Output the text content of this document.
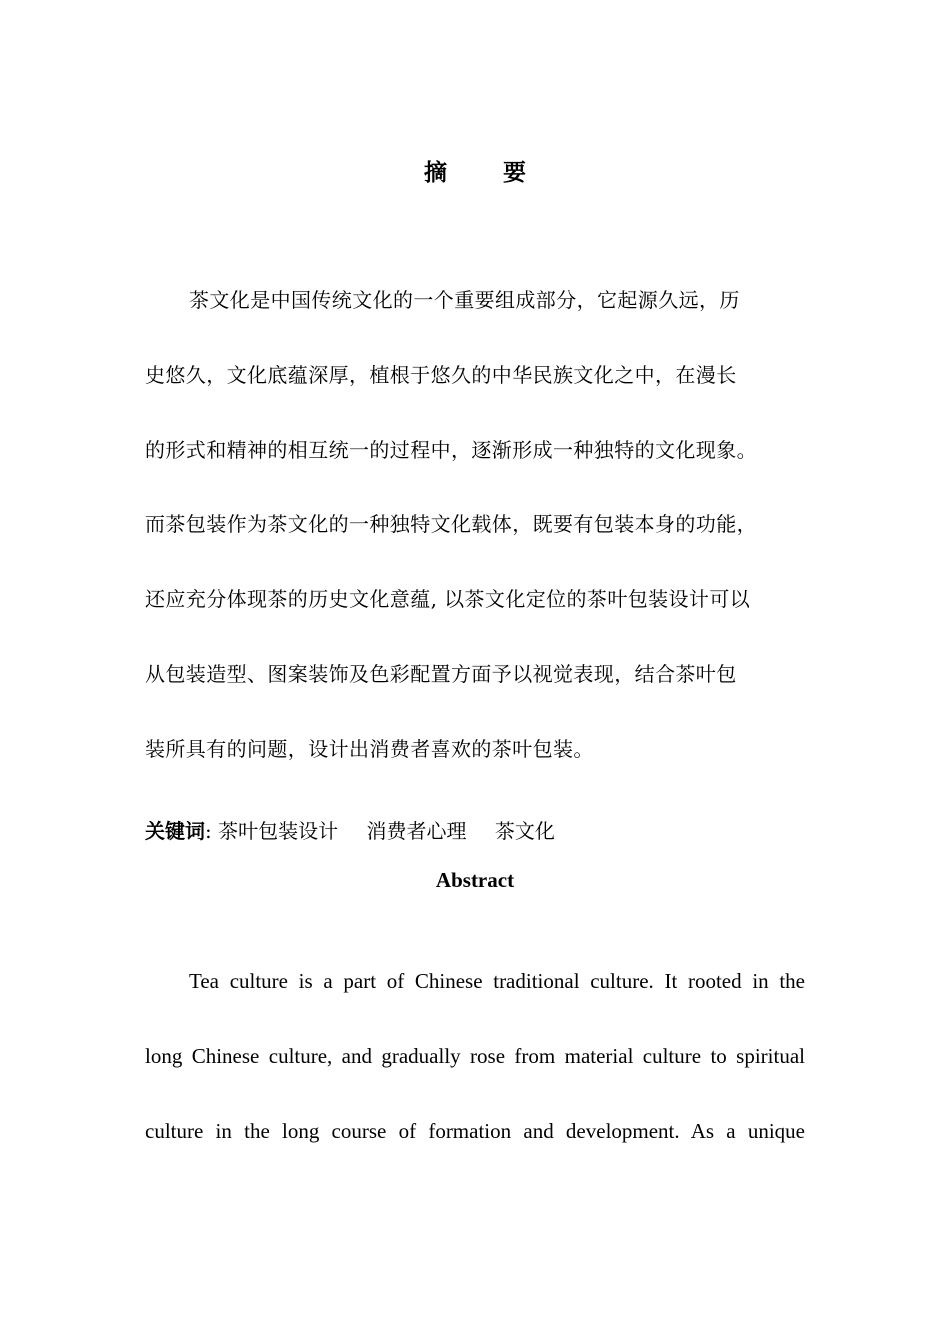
摘 要
茶文化是中国传统文化的一个重要组成部分，它起源久远，历
史悠久，文化底蕴深厚，植根于悠久的中华民族文化之中，在漫长
的形式和精神的相互统一的过程中，逐渐形成一种独特的文化现象。
而茶包装作为茶文化的一种独特文化载体，既要有包装本身的功能，
还应充分体现茶的历史文化意蕴, 以茶文化定位的茶叶包装设计可以
从包装造型、图案装饰及色彩配置方面予以视觉表现，结合茶叶包
装所具有的问题，设计出消费者喜欢的茶叶包装。
关键词: 茶叶包装设计 消费者心理 茶文化
Abstract
Tea culture is a part of Chinese traditional culture. It rooted in the
long Chinese culture, and gradually rose from material culture to spiritual
culture in the long course of formation and development. As a unique
